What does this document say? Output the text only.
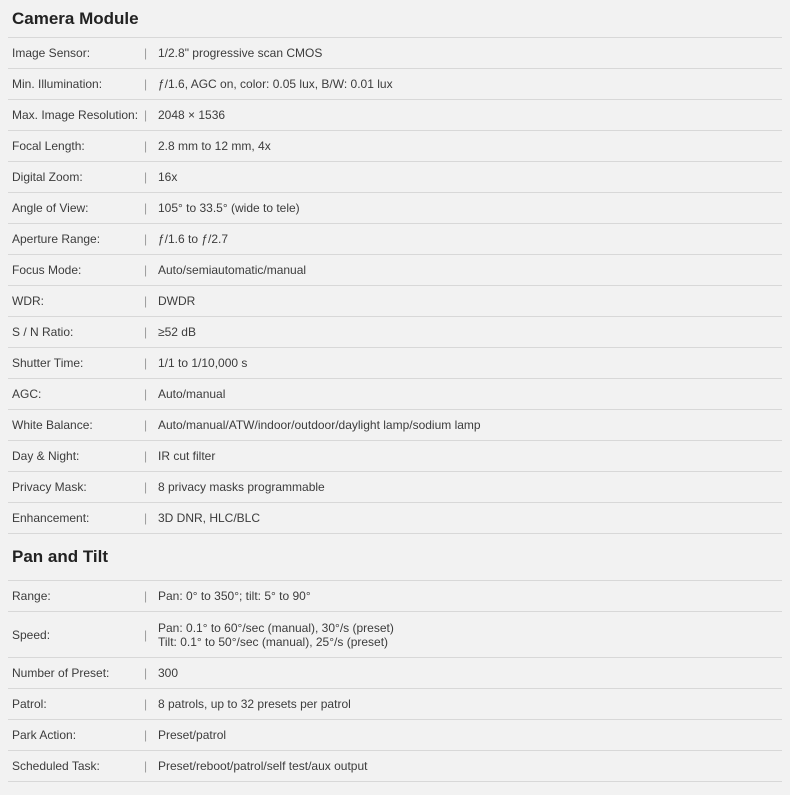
Camera Module
Image Sensor:	| 1/2.8" progressive scan CMOS
Min. Illumination:	| ƒ/1.6, AGC on, color: 0.05 lux, B/W: 0.01 lux
Max. Image Resolution: | 2048 × 1536
Focal Length:	| 2.8 mm to 12 mm, 4x
Digital Zoom:	| 16x
Angle of View:	| 105° to 33.5° (wide to tele)
Aperture Range:	| ƒ/1.6 to ƒ/2.7
Focus Mode:	| Auto/semiautomatic/manual
WDR:	| DWDR
S / N Ratio:	| ≥52 dB
Shutter Time:	| 1/1 to 1/10,000 s
AGC:	| Auto/manual
White Balance:	| Auto/manual/ATW/indoor/outdoor/daylight lamp/sodium lamp
Day & Night:	| IR cut filter
Privacy Mask:	| 8 privacy masks programmable
Enhancement:	| 3D DNR, HLC/BLC
Pan and Tilt
Range:	| Pan: 0° to 350°; tilt: 5° to 90°
Speed:	| Pan: 0.1° to 60°/sec (manual), 30°/s (preset)
Tilt: 0.1° to 50°/sec (manual), 25°/s (preset)
Number of Preset:	| 300
Patrol:	| 8 patrols, up to 32 presets per patrol
Park Action:	| Preset/patrol
Scheduled Task:	| Preset/reboot/patrol/self test/aux output
